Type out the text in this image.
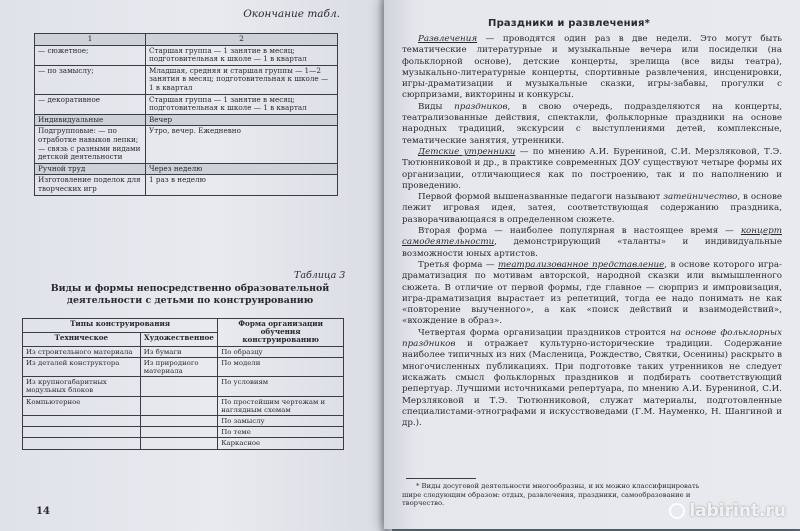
Окончание табл.
1	2
— сюжетное;	Старшая группа — 1 занятие в месяц; подготовительная к школе — 1 в квартал
— по замыслу;	Младшая, средняя и старшая группы — 1—2 занятия в месяц; подготовительная к школе — 1 в квартал
— декоративное	Старшая группа — 1 занятие в месяц; подготовительная к школе — 1 в квартал
Индивидуальные	Вечер
Подгрупповые: — по отработке навыков лепки; — связь с разными видами детской деятельности	Утро, вечер. Ежедневно
Ручной труд	Через неделю
Изготовление поделок для творческих игр	1 раз в неделю
Таблица 3
Виды и формы непосредственно образовательной деятельности с детьми по конструированию
Типы конструирования		Форма организации обучения конструированию
Техническое	Художественное	
Из строительного материала	Из бумаги	По образцу
Из деталей конструктора	Из природного материала	По модели
Из крупногабаритных модульных блоков		По условиям
Компьютерное		По простейшим чертежам и наглядным схемам
		По замыслу
		По теме
		Каркасное
14
Праздники и развлечения*

Развлечения — проводятся один раз в две недели. Это могут быть тематические литературные и музыкальные вечера или посиделки (на фольклорной основе), детские концерты, зрелища (все виды театра), музыкально-литературные концерты, спортивные развлечения, инсценировки, игры-драматизации и музыкальные сказки, игры-забавы, прогулки с сюрпризами, викторины и конкурсы.

Виды праздников, в свою очередь, подразделяются на концерты, театрализованные действия, спектакли, фольклорные праздники на основе народных традиций, экскурсии с выступлениями детей, комплексные, тематические занятия, утренники.

Детские утренники — по мнению А.И. Бурениной, С.И. Мерзляковой, Т.Э. Тютюнниковой и др., в практике современных ДОУ существуют четыре формы их организации, отличающиеся как по построению, так и по наполнению и проведению.

Первой формой вышеназванные педагоги называют затейничество, в основе лежит игровая идея, затея, соответствующая содержанию праздника, разворачивающаяся в определенном сюжете.

Вторая форма — наиболее популярная в настоящее время — концерт самодеятельности, демонстрирующий «таланты» и индивидуальные возможности юных артистов.

Третья форма — театрализованное представление, в основе которого игра-драматизация по мотивам авторской, народной сказки или вымышленного сюжета. В отличие от первой формы, где главное — сюрприз и импровизация, игра-драматизация вырастает из репетиций, тогда ее надо понимать не как «повторение выученного», а как «поиск действий и взаимодействий», «вхождение в образ».

Четвертая форма организации праздников строится на основе фольклорных праздников и отражает культурно-исторические традиции. Содержание наиболее типичных из них (Масленица, Рождество, Святки, Осенины) раскрыто в многочисленных публикациях. При подготовке таких утренников не следует искажать смысл фольклорных праздников и подбирать соответствующий репертуар. Лучшими источниками репертуара, по мнению А.И. Бурениной, С.И. Мерзляковой и Т.Э. Тютюнниковой, служат материалы, подготовленные специалистами-этнографами и искусствоведами (Г.М. Науменко, Н. Шангиной и др.).

* Виды досуговой деятельности многообразны, и их можно классифицировать шире следующим образом: отдых, развлечения, праздники, самообразование и творчество.	labirint.ru
